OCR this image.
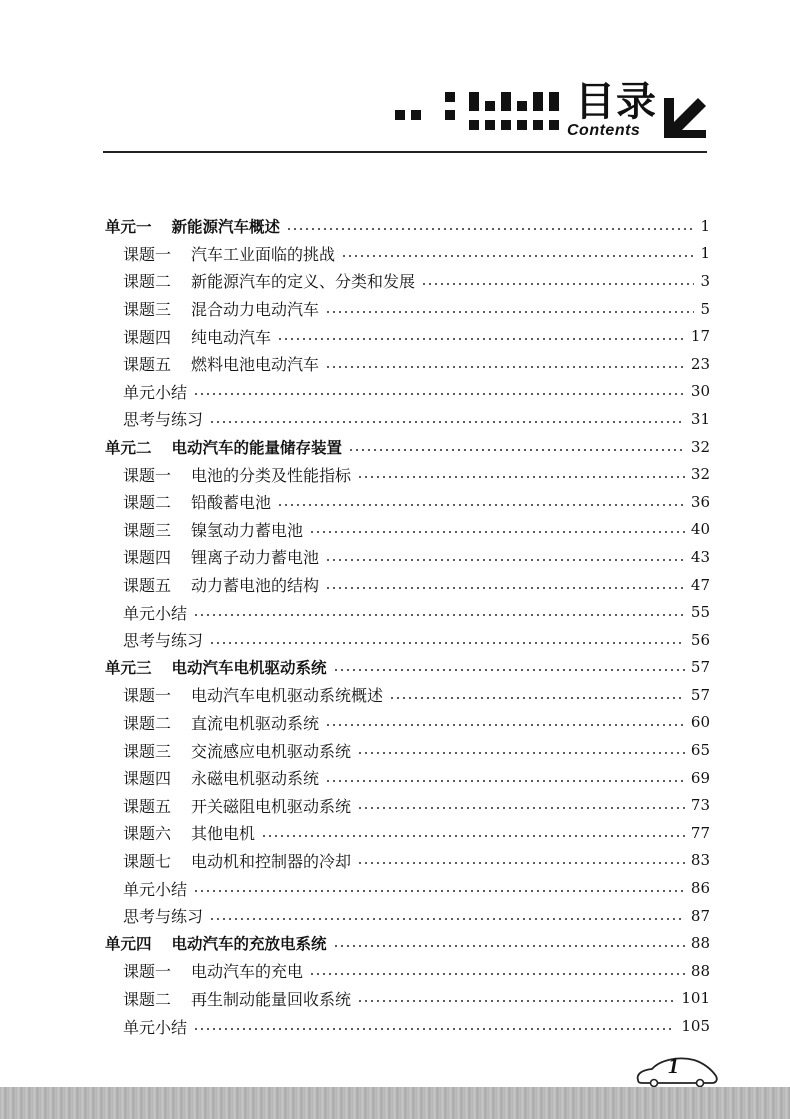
目录
Contents
单元一 新能源汽车概述	1
课题一 汽车工业面临的挑战	1
课题二 新能源汽车的定义、分类和发展	3
课题三 混合动力电动汽车	5
课题四 纯电动汽车	17
课题五 燃料电池电动汽车	23
单元小结	30
思考与练习	31
单元二 电动汽车的能量储存装置	32
课题一 电池的分类及性能指标	32
课题二 铅酸蓄电池	36
课题三 镍氢动力蓄电池	40
课题四 锂离子动力蓄电池	43
课题五 动力蓄电池的结构	47
单元小结	55
思考与练习	56
单元三 电动汽车电机驱动系统	57
课题一 电动汽车电机驱动系统概述	57
课题二 直流电机驱动系统	60
课题三 交流感应电机驱动系统	65
课题四 永磁电机驱动系统	69
课题五 开关磁阻电机驱动系统	73
课题六 其他电机	77
课题七 电动机和控制器的冷却	83
单元小结	86
思考与练习	87
单元四 电动汽车的充放电系统	88
课题一 电动汽车的充电	88
课题二 再生制动能量回收系统	101
单元小结	105
1
